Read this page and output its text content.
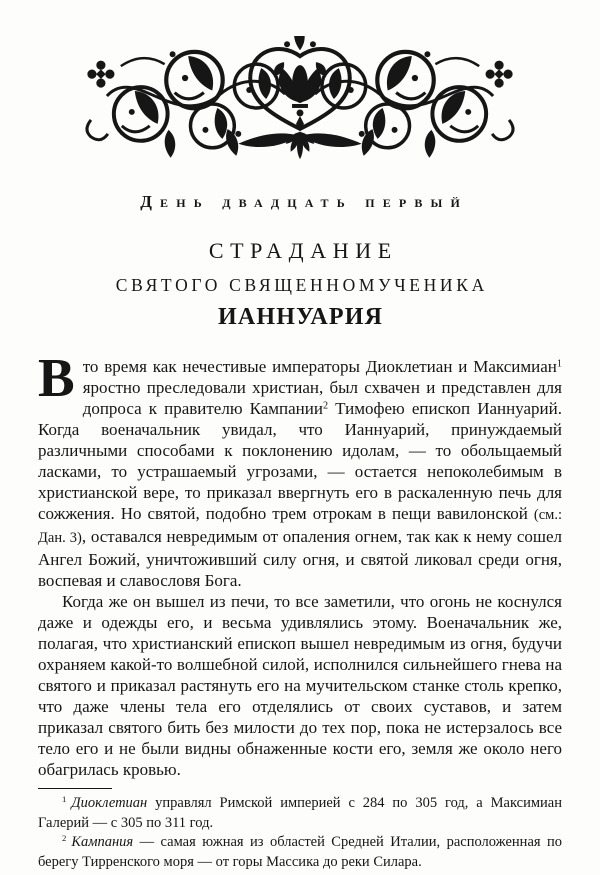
День двадцать первый
СТРАДАНИЕ
СВЯТОГО СВЯЩЕННОМУЧЕНИКА
ИАННУАРИЯ

Вто время как нечестивые императоры Диоклетиан и Максимиан$^1$ яростно преследовали христиан, был схвачен и представлен для допроса к правителю Кампании$^2$ Тимофею епископ Ианнуарий. Когда военачальник увидал, что Ианнуарий, принуждаемый различными способами к поклонению идолам, — то обольщаемый ласками, то устрашаемый угрозами, — остается непоколебимым в христианской вере, то приказал ввергнуть его в раскаленную печь для сожжения. Но святой, подобно трем отрокам в пещи вавилонской (см.: Дан. 3), оставался невредимым от опаления огнем, так как к нему сошел Ангел Божий, уничтоживший силу огня, и святой ликовал среди огня, воспевая и славословя Бога.

Когда же он вышел из печи, то все заметили, что огонь не коснулся даже и одежды его, и весьма удивлялись этому. Военачальник же, полагая, что христианский епископ вышел невредимым из огня, будучи охраняем какой-то волшебной силой, исполнился сильнейшего гнева на святого и приказал растянуть его на мучительском станке столь крепко, что даже члены тела его отделялись от своих суставов, и затем приказал святого бить без милости до тех пор, пока не истерзалось все тело его и не были видны обнаженные кости его, земля же около него обагрилась кровью.

$^1$ Диоклетиан управлял Римской империей с 284 по 305 год, а Максимиан Галерий — с 305 по 311 год.

$^2$ Кампания — самая южная из областей Средней Италии, расположенная по берегу Тирренского моря — от горы Массика до реки Силара.
